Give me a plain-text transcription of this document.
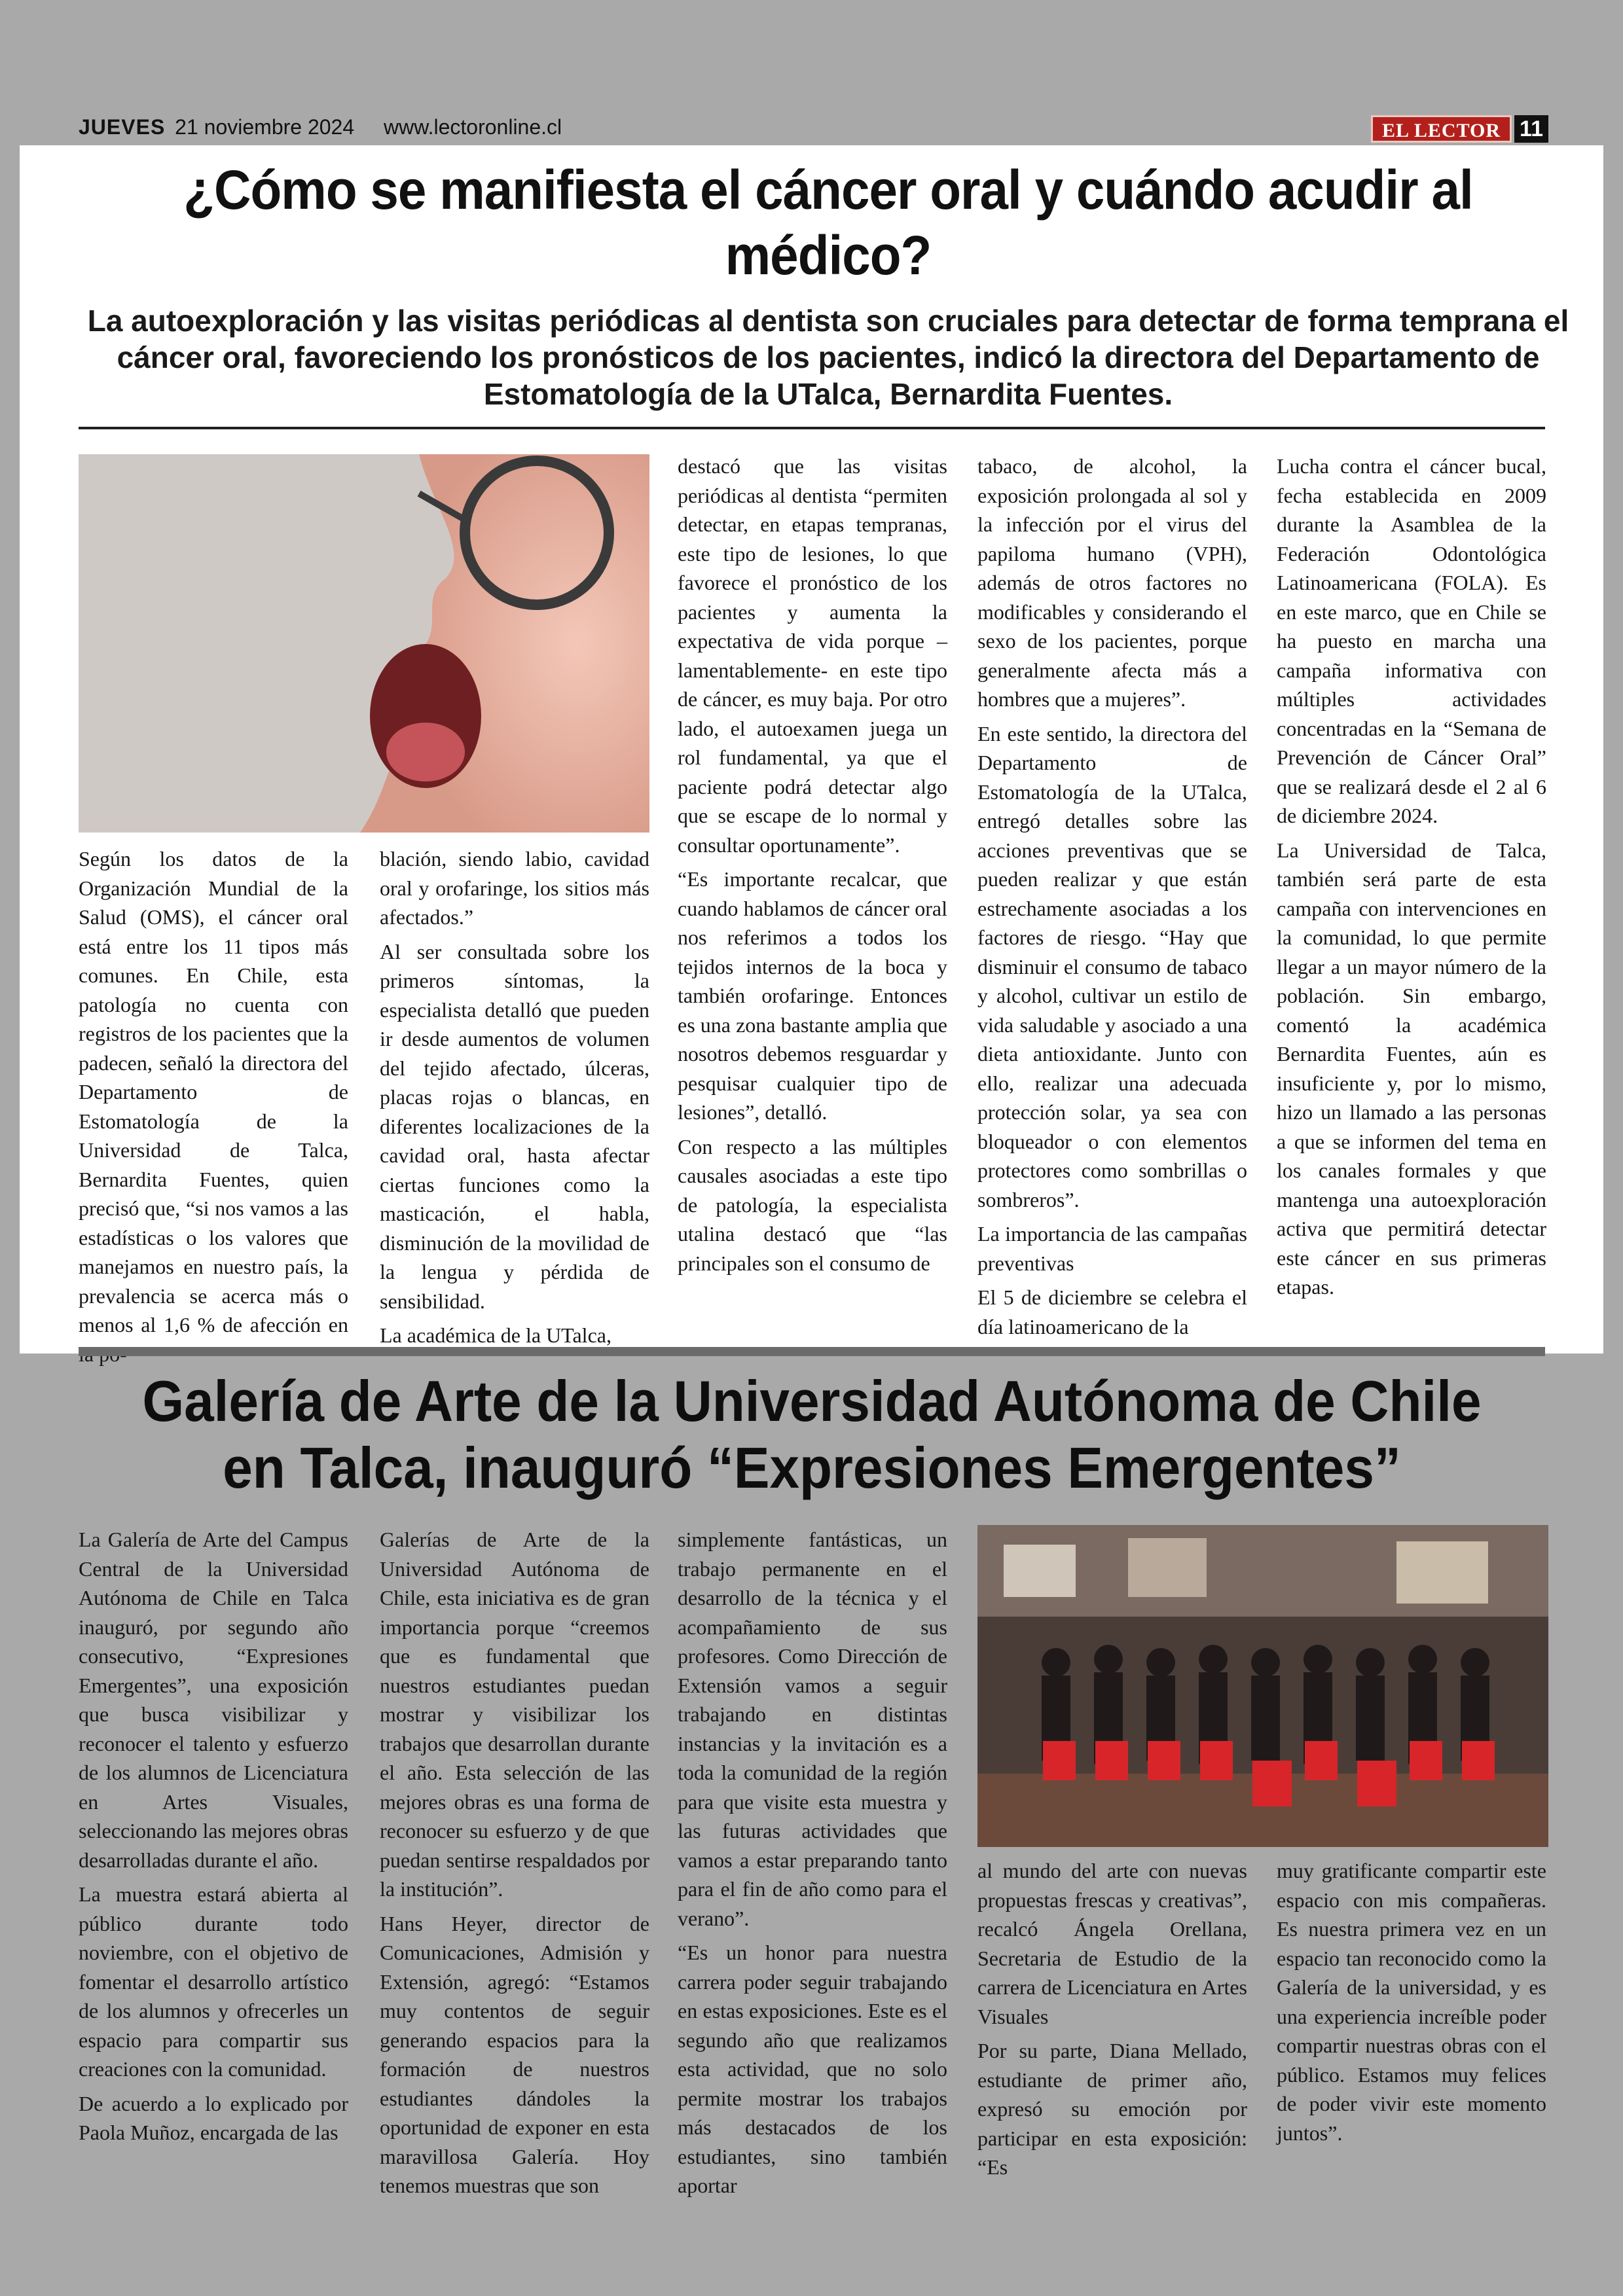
JUEVES 21 noviembre 2024 www.lectoronline.cl	EL LECTOR 11
¿Cómo se manifiesta el cáncer oral y cuándo acudir al médico?
La autoexploración y las visitas periódicas al dentista son cruciales para detectar de forma temprana el cáncer oral, favoreciendo los pronósticos de los pacientes, indicó la directora del Departamento de Estomatología de la UTalca, Bernardita Fuentes.

Según los datos de la Organización Mundial de la Salud (OMS), el cáncer oral está entre los 11 tipos más comunes. En Chile, esta patología no cuenta con registros de los pacientes que la padecen, señaló la directora del Departamento de Estomatología de la Universidad de Talca, Bernardita Fuentes, quien precisó que, “si nos vamos a las estadísticas o los valores que manejamos en nuestro país, la prevalencia se acerca más o menos al 1,6 % de afección en

blación, siendo labio, cavidad oral y orofaringe, los sitios más afectados.”

Al ser consultada sobre los primeros síntomas, la especialista detalló que pueden ir desde aumentos de volumen del tejido afectado, úlceras, placas rojas o blancas, en diferentes localizaciones de la cavidad oral, hasta afectar ciertas funciones como la masticación, el habla, disminución de la movilidad de la lengua y pérdida de sensibilidad.

La académica de la UTalca,

destacó que las visitas periódicas al dentista “permiten detectar, en etapas tempranas, este tipo de lesiones, lo que favorece el pronóstico de los pacientes y aumenta la expectativa de vida porque –lamentablemente- en este tipo de cáncer, es muy baja. Por otro lado, el autoexamen juega un rol fundamental, ya que el paciente podrá detectar algo que se escape de lo normal y consultar oportunamente”.

“Es importante recalcar, que cuando hablamos de cáncer oral nos referimos a todos los tejidos internos de la boca y también orofaringe. Entonces es una zona bastante amplia que nosotros debemos resguardar y pesquisar cualquier tipo de lesiones”, detalló.

Con respecto a las múltiples causales asociadas a este tipo de patología, la especialista utalina destacó que “las principales son el consumo de

tabaco, de alcohol, la exposición prolongada al sol y la infección por el virus del papiloma humano (VPH), además de otros factores no modificables y considerando el sexo de los pacientes, porque generalmente afecta más a hombres que a mujeres”.

En este sentido, la directora del Departamento de Estomatología de la UTalca, entregó detalles sobre las acciones preventivas que se pueden realizar y que están estrechamente asociadas a los factores de riesgo. “Hay que disminuir el consumo de tabaco y alcohol, cultivar un estilo de vida saludable y asociado a una dieta antioxidante. Junto con ello, realizar una adecuada protección solar, ya sea con bloqueador o con elementos protectores como sombrillas o sombreros”.

La importancia de las campañas preventivas

El 5 de diciembre se celebra el día latinoamericano de la

Lucha contra el cáncer bucal, fecha establecida en 2009 durante la Asamblea de la Federación Odontológica Latinoamericana (FOLA). Es en este marco, que en Chile se ha puesto en marcha una campaña informativa con múltiples actividades concentradas en la “Semana de Prevención de Cáncer Oral” que se realizará desde el 2 al 6 de diciembre 2024.

La Universidad de Talca, también será parte de esta campaña con intervenciones en la comunidad, lo que permite llegar a un mayor número de la población. Sin embargo, comentó la académica Bernardita Fuentes, aún es insuficiente y, por lo mismo, hizo un llamado a las personas a que se informen del tema en los canales formales y que mantenga una autoexploración activa que permitirá detectar este cáncer en sus primeras etapas.

Galería de Arte de la Universidad Autónoma de Chile en Talca, inauguró “Expresiones Emergentes”

La Galería de Arte del Campus Central de la Universidad Autónoma de Chile en Talca inauguró, por segundo año consecutivo, “Expresiones Emergentes”, una exposición que busca visibilizar y reconocer el talento y esfuerzo de los alumnos de Licenciatura en Artes Visuales, seleccionando las mejores obras desarrolladas durante el año.

La muestra estará abierta al público durante todo noviembre, con el objetivo de fomentar el desarrollo artístico de los alumnos y ofrecerles un espacio para compartir sus creaciones con la comunidad.

De acuerdo a lo explicado por Paola Muñoz, encargada de las

Galerías de Arte de la Universidad Autónoma de Chile, esta iniciativa es de gran importancia porque “creemos que es fundamental que nuestros estudiantes puedan mostrar y visibilizar los trabajos que desarrollan durante el año. Esta selección de las mejores obras es una forma de reconocer su esfuerzo y de que puedan sentirse respaldados por la institución”.

Hans Heyer, director de Comunicaciones, Admisión y Extensión, agregó: “Estamos muy contentos de seguir generando espacios para la formación de nuestros estudiantes dándoles la oportunidad de exponer en esta maravillosa Galería. Hoy tenemos muestras que son

simplemente fantásticas, un trabajo permanente en el desarrollo de la técnica y el acompañamiento de sus profesores. Como Dirección de Extensión vamos a seguir trabajando en distintas instancias y la invitación es a toda la comunidad de la región para que visite esta muestra y las futuras actividades que vamos a estar preparando tanto para el fin de año como para el verano”.

“Es un honor para nuestra carrera poder seguir trabajando en estas exposiciones. Este es el segundo año que realizamos esta actividad, que no solo permite mostrar los trabajos más destacados de los estudiantes, sino también aportar

al mundo del arte con nuevas propuestas frescas y creativas”, recalcó Ángela Orellana, Secretaria de Estudio de la carrera de Licenciatura en Artes Visuales

Por su parte, Diana Mellado, estudiante de primer año, expresó su emoción por participar en esta exposición: “Es

muy gratificante compartir este espacio con mis compañeras. Es nuestra primera vez en un espacio tan reconocido como la Galería de la universidad, y es una experiencia increíble poder compartir nuestras obras con el público. Estamos muy felices de poder vivir este momento juntos”.
